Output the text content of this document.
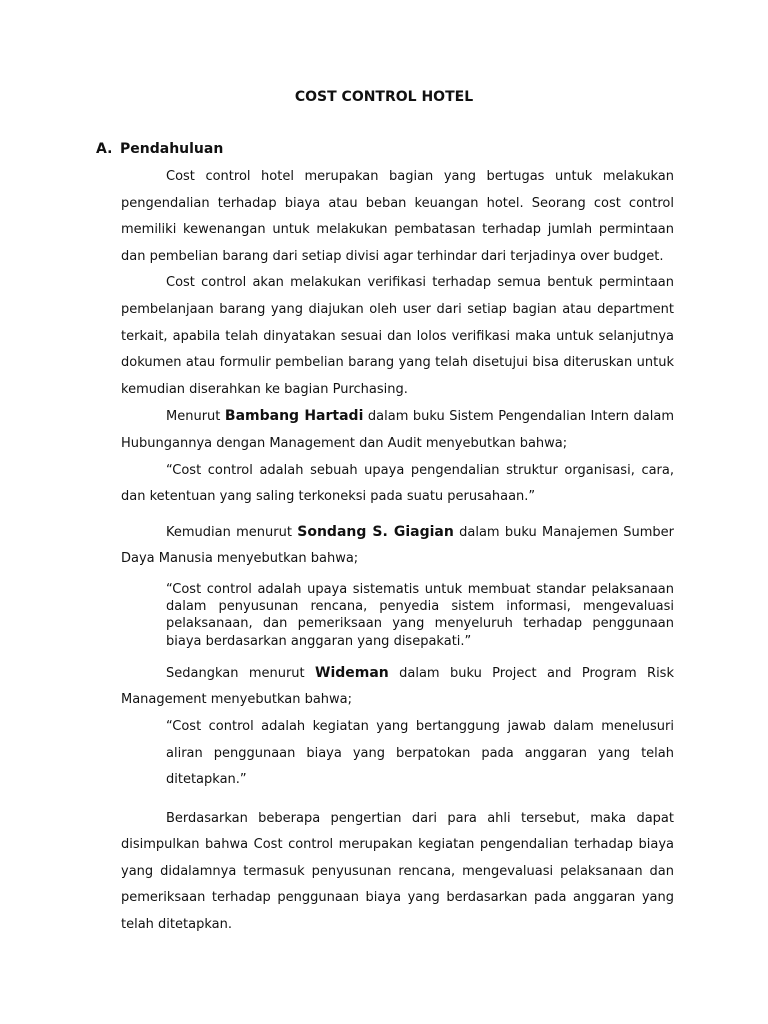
COST CONTROL HOTEL
A. Pendahuluan

Cost control hotel merupakan bagian yang bertugas untuk melakukan pengendalian terhadap biaya atau beban keuangan hotel. Seorang cost control memiliki kewenangan untuk melakukan pembatasan terhadap jumlah permintaan dan pembelian barang dari setiap divisi agar terhindar dari terjadinya over budget.

Cost control akan melakukan verifikasi terhadap semua bentuk permintaan pembelanjaan barang yang diajukan oleh user dari setiap bagian atau department terkait, apabila telah dinyatakan sesuai dan lolos verifikasi maka untuk selanjutnya dokumen atau formulir pembelian barang yang telah disetujui bisa diteruskan untuk kemudian diserahkan ke bagian Purchasing.

Menurut Bambang Hartadi dalam buku Sistem Pengendalian Intern dalam Hubungannya dengan Management dan Audit menyebutkan bahwa;

“Cost control adalah sebuah upaya pengendalian struktur organisasi, cara, dan ketentuan yang saling terkoneksi pada suatu perusahaan.”

Kemudian menurut Sondang S. Giagian dalam buku Manajemen Sumber Daya Manusia menyebutkan bahwa;

“Cost control adalah upaya sistematis untuk membuat standar pelaksanaan dalam penyusunan rencana, penyedia sistem informasi, mengevaluasi pelaksanaan, dan pemeriksaan yang menyeluruh terhadap penggunaan biaya berdasarkan anggaran yang disepakati.”

Sedangkan menurut Wideman dalam buku Project and Program Risk Management menyebutkan bahwa;

“Cost control adalah kegiatan yang bertanggung jawab dalam menelusuri aliran penggunaan biaya yang berpatokan pada anggaran yang telah ditetapkan.”

Berdasarkan beberapa pengertian dari para ahli tersebut, maka dapat disimpulkan bahwa Cost control merupakan kegiatan pengendalian terhadap biaya yang didalamnya termasuk penyusunan rencana, mengevaluasi pelaksanaan dan pemeriksaan terhadap penggunaan biaya yang berdasarkan pada anggaran yang telah ditetapkan.
